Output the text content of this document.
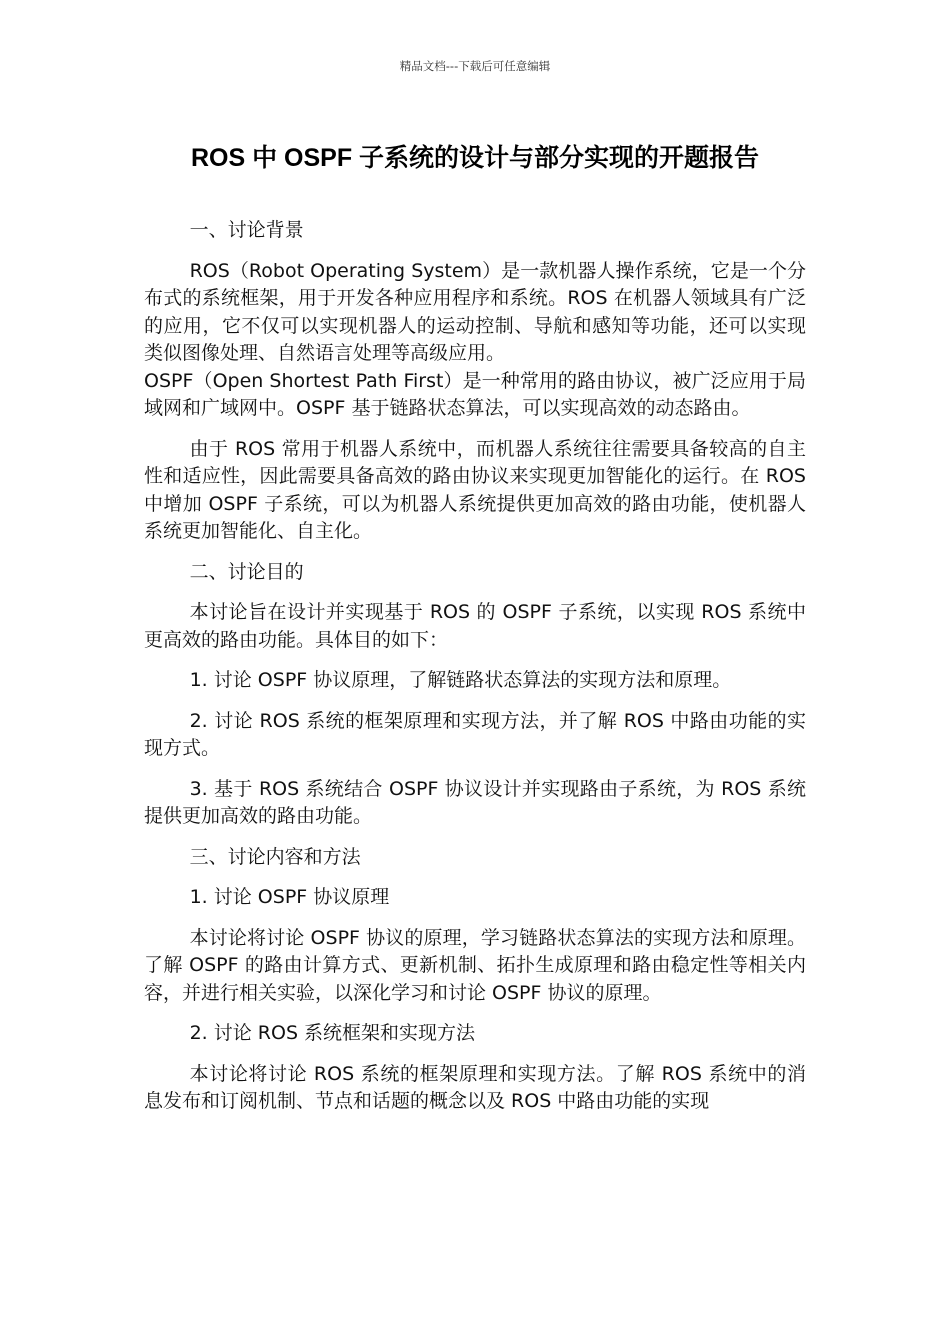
精品文档---下载后可任意编辑
ROS 中 OSPF 子系统的设计与部分实现的开题报告

一、讨论背景

ROS（Robot Operating System）是一款机器人操作系统，它是一个分布式的系统框架，用于开发各种应用程序和系统。ROS 在机器人领域具有广泛的应用，它不仅可以实现机器人的运动控制、导航和感知等功能，还可以实现类似图像处理、自然语言处理等高级应用。

OSPF（Open Shortest Path First）是一种常用的路由协议，被广泛应用于局域网和广域网中。OSPF 基于链路状态算法，可以实现高效的动态路由。

由于 ROS 常用于机器人系统中，而机器人系统往往需要具备较高的自主性和适应性，因此需要具备高效的路由协议来实现更加智能化的运行。在 ROS 中增加 OSPF 子系统，可以为机器人系统提供更加高效的路由功能，使机器人系统更加智能化、自主化。

二、讨论目的

本讨论旨在设计并实现基于 ROS 的 OSPF 子系统，以实现 ROS 系统中更高效的路由功能。具体目的如下：

1. 讨论 OSPF 协议原理，了解链路状态算法的实现方法和原理。

2. 讨论 ROS 系统的框架原理和实现方法，并了解 ROS 中路由功能的实现方式。

3. 基于 ROS 系统结合 OSPF 协议设计并实现路由子系统，为 ROS 系统提供更加高效的路由功能。

三、讨论内容和方法

1. 讨论 OSPF 协议原理

本讨论将讨论 OSPF 协议的原理，学习链路状态算法的实现方法和原理。了解 OSPF 的路由计算方式、更新机制、拓扑生成原理和路由稳定性等相关内容，并进行相关实验，以深化学习和讨论 OSPF 协议的原理。

2. 讨论 ROS 系统框架和实现方法

本讨论将讨论 ROS 系统的框架原理和实现方法。了解 ROS 系统中的消息发布和订阅机制、节点和话题的概念以及 ROS 中路由功能的实现
